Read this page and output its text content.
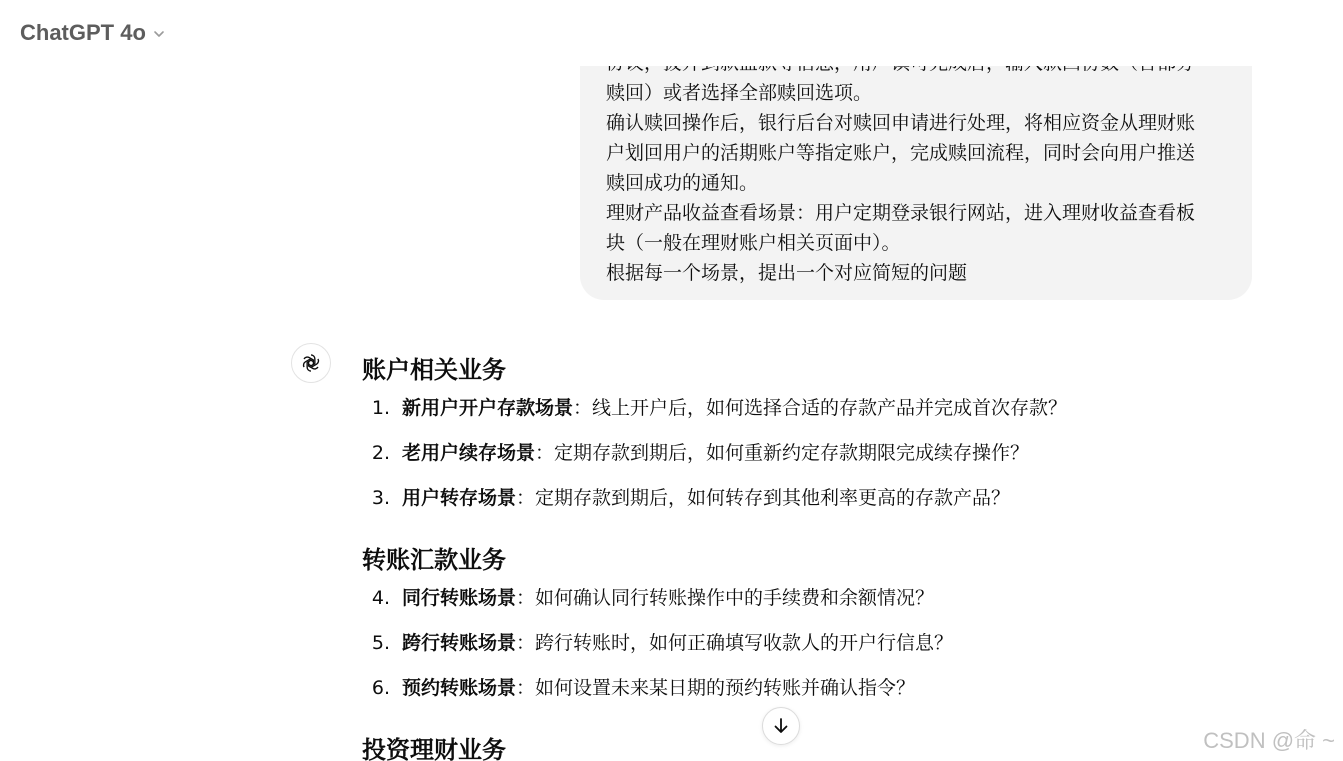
赎回）或者选择全部赎回选项。
确认赎回操作后，银行后台对赎回申请进行处理，将相应资金从理财账
户划回用户的活期账户等指定账户，完成赎回流程，同时会向用户推送
赎回成功的通知。
理财产品收益查看场景：用户定期登录银行网站，进入理财收益查看板
块（一般在理财账户相关页面中）。
根据每一个场景，提出一个对应简短的问题
ChatGPT 4o
账户相关业务
1. 新用户开户存款场景：线上开户后，如何选择合适的存款产品并完成首次存款？
2. 老用户续存场景：定期存款到期后，如何重新约定存款期限完成续存操作？
3. 用户转存场景：定期存款到期后，如何转存到其他利率更高的存款产品？
转账汇款业务
4. 同行转账场景：如何确认同行转账操作中的手续费和余额情况？
5. 跨行转账场景：跨行转账时，如何正确填写收款人的开户行信息？
6. 预约转账场景：如何设置未来某日期的预约转账并确认指令？
投资理财业务	CSDN @命 ~
